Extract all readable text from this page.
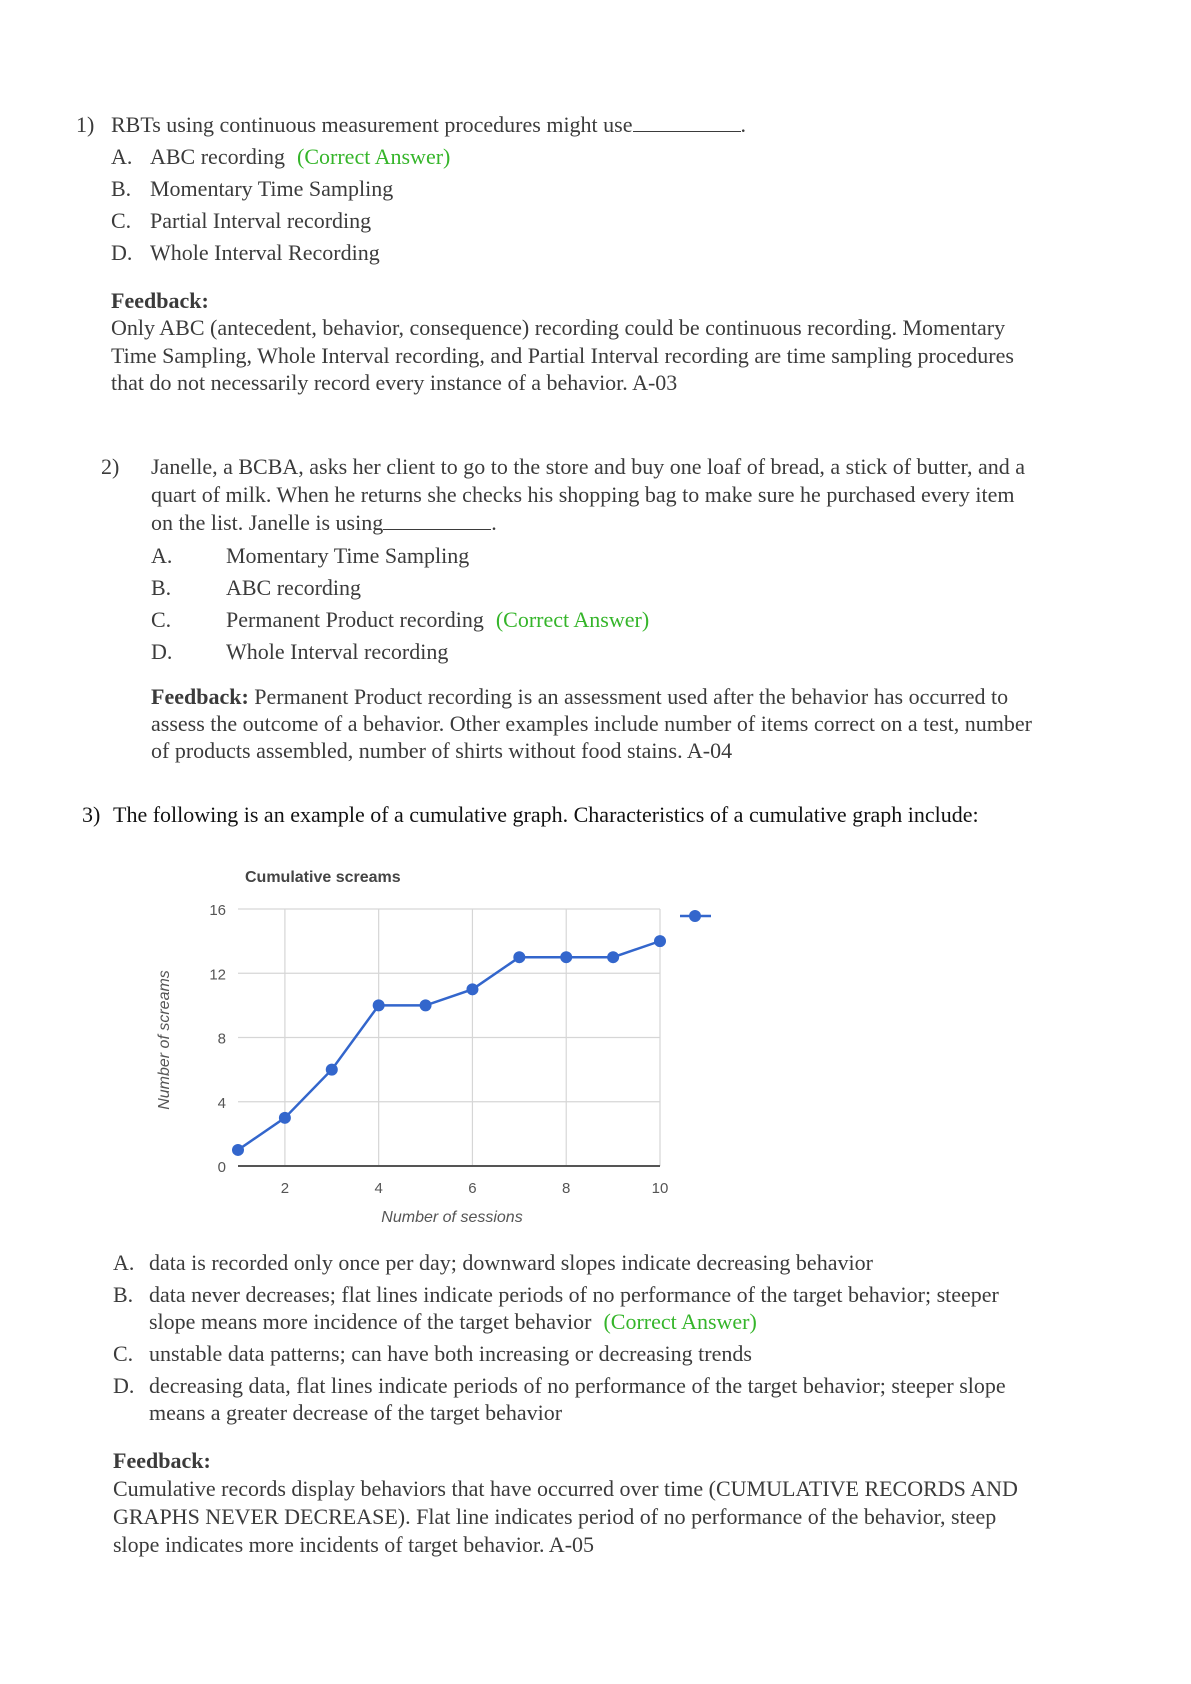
1) RBTs using continuous measurement procedures might use	.
A. ABC recording (Correct Answer)
B. Momentary Time Sampling
C. Partial Interval recording
D. Whole Interval Recording
Feedback:
Only ABC (antecedent, behavior, consequence) recording could be continuous recording. Momentary
Time Sampling, Whole Interval recording, and Partial Interval recording are time sampling procedures
that do not necessarily record every instance of a behavior. A-03
2) Janelle, a BCBA, asks her client to go to the store and buy one loaf of bread, a stick of butter, and a
quart of milk. When he returns she checks his shopping bag to make sure he purchased every item
on the list. Janelle is using	.
A. Momentary Time Sampling
B. ABC recording
C. Permanent Product recording (Correct Answer)
D. Whole Interval recording
Feedback: Permanent Product recording is an assessment used after the behavior has occurred to
assess the outcome of a behavior. Other examples include number of items correct on a test, number
of products assembled, number of shirts without food stains. A-04
3) The following is an example of a cumulative graph. Characteristics of a cumulative graph include:
0
4
8
12
16
2	4	6	8	10
Cumulative screams
Number of sessions
Number of screams
A. data is recorded only once per day; downward slopes indicate decreasing behavior
B. data never decreases; flat lines indicate periods of no performance of the target behavior; steeper
slope means more incidence of the target behavior (Correct Answer)
C. unstable data patterns; can have both increasing or decreasing trends
D. decreasing data, flat lines indicate periods of no performance of the target behavior; steeper slope
means a greater decrease of the target behavior
Feedback:
Cumulative records display behaviors that have occurred over time (CUMULATIVE RECORDS AND
GRAPHS NEVER DECREASE). Flat line indicates period of no performance of the behavior, steep
slope indicates more incidents of target behavior. A-05
